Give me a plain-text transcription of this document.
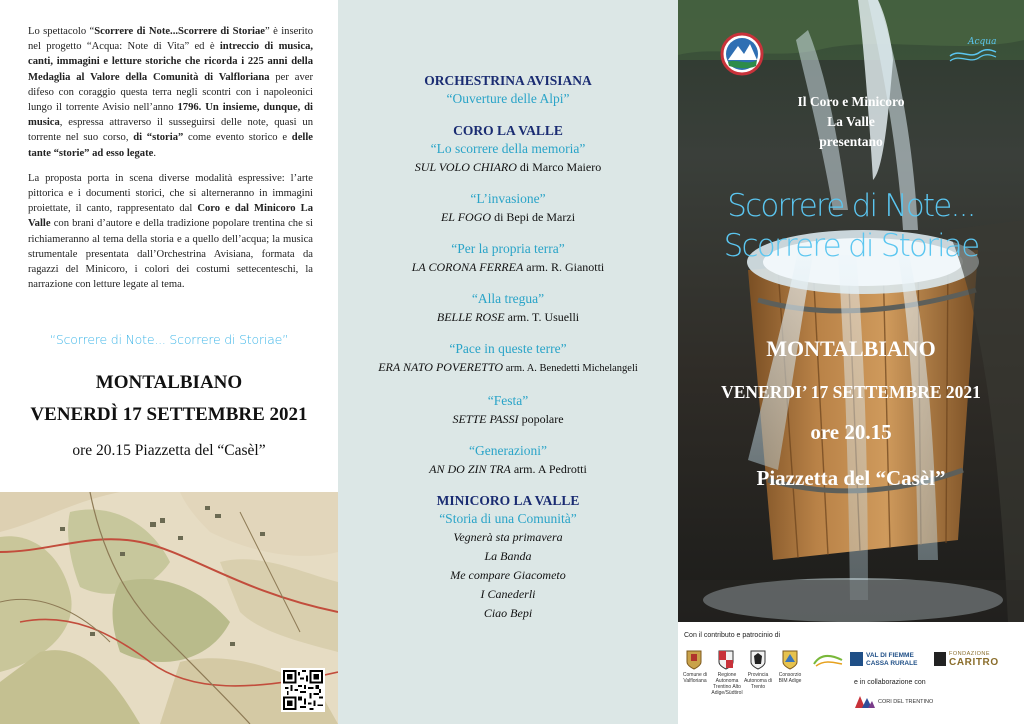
Lo spettacolo “Scorrere di Note...Scorrere di Storiae” è inserito nel progetto “Acqua: Note di Vita” ed è intreccio di musica, canti, immagini e letture storiche che ricorda i 225 anni della Medaglia al Valore della Comunità di Valfloriana per aver difeso con coraggio questa terra negli scontri con i napoleonici lungo il torrente Avisio nell’anno 1796. Un insieme, dunque, di musica, espressa attraverso il susseguirsi delle note, quasi un torrente nel suo corso, di “storia” come evento storico e delle tante “storie” ad esso legate.

La proposta porta in scena diverse modalità espressive: l’arte pittorica e i documenti storici, che si alterneranno in immagini proiettate, il canto, rappresentato dal Coro e dal Minicoro La Valle con brani d’autore e della tradizione popolare trentina che si richiameranno al tema della storia e a quello dell’acqua; la musica strumentale presentata dall’Orchestrina Avisiana, formata da ragazzi del Minicoro, i colori dei costumi settecenteschi, la narrazione con letture legate al tema.

“Scorrere di Note... Scorrere di Storiae”
MONTALBIANO
VENERDÌ 17 SETTEMBRE 2021
ore 20.15 Piazzetta del “Casèl”
ORCHESTRINA AVISIANA
“Ouverture delle Alpi”
CORO LA VALLE
“Lo scorrere della memoria”
SUL VOLO CHIARO di Marco Maiero
“L’invasione”
EL FOGO di Bepi de Marzi
“Per la propria terra”
LA CORONA FERREA arm. R. Gianotti
“Alla tregua”
BELLE ROSE arm. T. Usuelli
“Pace in queste terre”
ERA NATO POVERETTO arm. A. Benedetti Michelangeli
“Festa”
SETTE PASSI popolare
“Generazioni”
AN DO ZIN TRA arm. A Pedrotti
MINICORO LA VALLE
“Storia di una Comunità”
Vegnerà sta primavera
La Banda
Me compare Giacometo
I Canederli
Ciao Bepi
Acqua
Il Coro e Minicoro
La Valle
presentano
Scorrere di Note...
Scorrere di Storiae
MONTALBIANO
VENERDI’ 17 SETTEMBRE 2021
ore 20.15
Piazzetta del “Casèl”
Con il contributo e patrocinio di
Comune di Valfloriana
Regione Autonoma Trentino Alto Adige/Südtirol
Provincia Autonoma di Trento
Consorzio BIM Adige
VAL DI FIEMME
CASSA RURALE
FONDAZIONE
CARITRO
e in collaborazione con
CORI DEL TRENTINO
